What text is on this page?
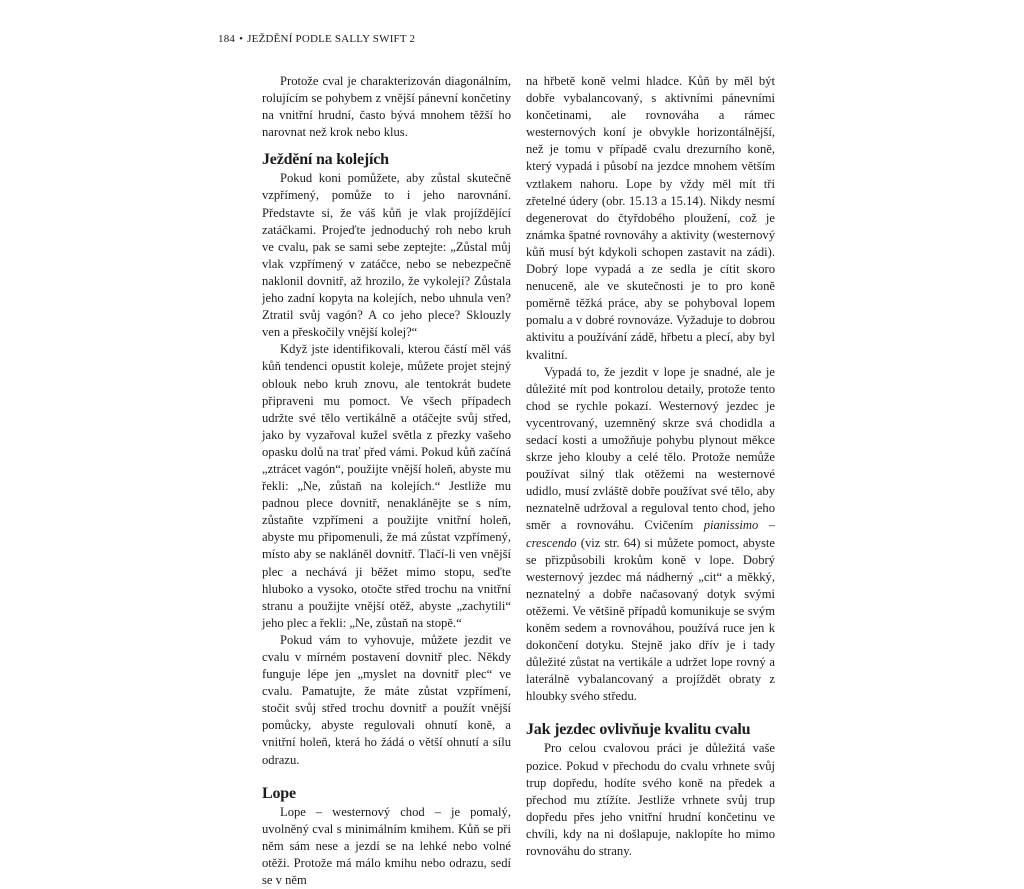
184 • JEŽDĚNÍ PODLE SALLY SWIFT 2

Protože cval je charakterizován diagonálním, rolujícím se pohybem z vnější pánevní končetiny na vnitřní hrudní, často bývá mnohem těžší ho narovnat než krok nebo klus.

Ježdění na kolejích

Pokud koni pomůžete, aby zůstal skutečně vzpřímený, pomůže to i jeho narovnání. Představte si, že váš kůň je vlak projíždějící zatáčkami. Projeďte jednoduchý roh nebo kruh ve cvalu, pak se sami sebe zeptejte: „Zůstal můj vlak vzpřímený v zatáčce, nebo se nebezpečně naklonil dovnitř, až hrozilo, že vykolejí? Zůstala jeho zadní kopyta na kolejích, nebo uhnula ven? Ztratil svůj vagón? A co jeho plece? Sklouzly ven a přeskočily vnější kolej?“

Když jste identifikovali, kterou částí měl váš kůň tendenci opustit koleje, můžete projet stejný oblouk nebo kruh znovu, ale tentokrát budete připraveni mu pomoct. Ve všech případech udržte své tělo vertikálně a otáčejte svůj střed, jako by vyzařoval kužel světla z přezky vašeho opasku dolů na trať před vámi. Pokud kůň začíná „ztrácet vagón“, použijte vnější holeň, abyste mu řekli: „Ne, zůstaň na kolejích.“ Jestliže mu padnou plece dovnitř, nenaklánějte se s ním, zůstaňte vzpřímeni a použijte vnitřní holeň, abyste mu připomenuli, že má zůstat vzpřímený, místo aby se nakláněl dovnitř. Tlačí-li ven vnější plec a nechává ji běžet mimo stopu, seďte hluboko a vysoko, otočte střed trochu na vnitřní stranu a použijte vnější otěž, abyste „zachytili“ jeho plec a řekli: „Ne, zůstaň na stopě.“

Pokud vám to vyhovuje, můžete jezdit ve cvalu v mírném postavení dovnitř plec. Někdy funguje lépe jen „myslet na dovnitř plec“ ve cvalu. Pamatujte, že máte zůstat vzpřímení, stočit svůj střed trochu dovnitř a použít vnější pomůcky, abyste regulovali ohnutí koně, a vnitřní holeň, která ho žádá o větší ohnutí a sílu odrazu.

Lope

Lope – westernový chod – je pomalý, uvolněný cval s minimálním kmihem. Kůň se při něm sám nese a jezdí se na lehké nebo volné otěži. Protože má málo kmihu nebo odrazu, sedí se v něm

na hřbetě koně velmi hladce. Kůň by měl být dobře vybalancovaný, s aktivními pánevními končetinami, ale rovnováha a rámec westernových koní je obvykle horizontálnější, než je tomu v případě cvalu drezurního koně, který vypadá i působí na jezdce mnohem větším vztlakem nahoru. Lope by vždy měl mít tři zřetelné údery (obr. 15.13 a 15.14). Nikdy nesmí degenerovat do čtyřdobého ploužení, což je známka špatné rovnováhy a aktivity (westernový kůň musí být kdykoli schopen zastavit na zádi). Dobrý lope vypadá a ze sedla je cítit skoro nenuceně, ale ve skutečnosti je to pro koně poměrně těžká práce, aby se pohyboval lopem pomalu a v dobré rovnováze. Vyžaduje to dobrou aktivitu a používání zádě, hřbetu a plecí, aby byl kvalitní.

Vypadá to, že jezdit v lope je snadné, ale je důležité mít pod kontrolou detaily, protože tento chod se rychle pokazí. Westernový jezdec je vycentrovaný, uzemněný skrze svá chodidla a sedací kosti a umožňuje pohybu plynout měkce skrze jeho klouby a celé tělo. Protože nemůže používat silný tlak otěžemi na westernové udidlo, musí zvláště dobře používat své tělo, aby neznatelně udržoval a reguloval tento chod, jeho směr a rovnováhu. Cvičením pianissimo – crescendo (viz str. 64) si můžete pomoct, abyste se přizpůsobili krokům koně v lope. Dobrý westernový jezdec má nádherný „cit“ a měkký, neznatelný a dobře načasovaný dotyk svými otěžemi. Ve většině případů komunikuje se svým koněm sedem a rovnováhou, používá ruce jen k dokončení dotyku. Stejně jako dřív je i tady důležité zůstat na vertikále a udržet lope rovný a laterálně vybalancovaný a projíždět obraty z hloubky svého středu.

Jak jezdec ovlivňuje kvalitu cvalu

Pro celou cvalovou práci je důležitá vaše pozice. Pokud v přechodu do cvalu vrhnete svůj trup dopředu, hodíte svého koně na předek a přechod mu ztížíte. Jestliže vrhnete svůj trup dopředu přes jeho vnitřní hrudní končetinu ve chvíli, kdy na ni došlapuje, naklopíte ho mimo rovnováhu do strany.
